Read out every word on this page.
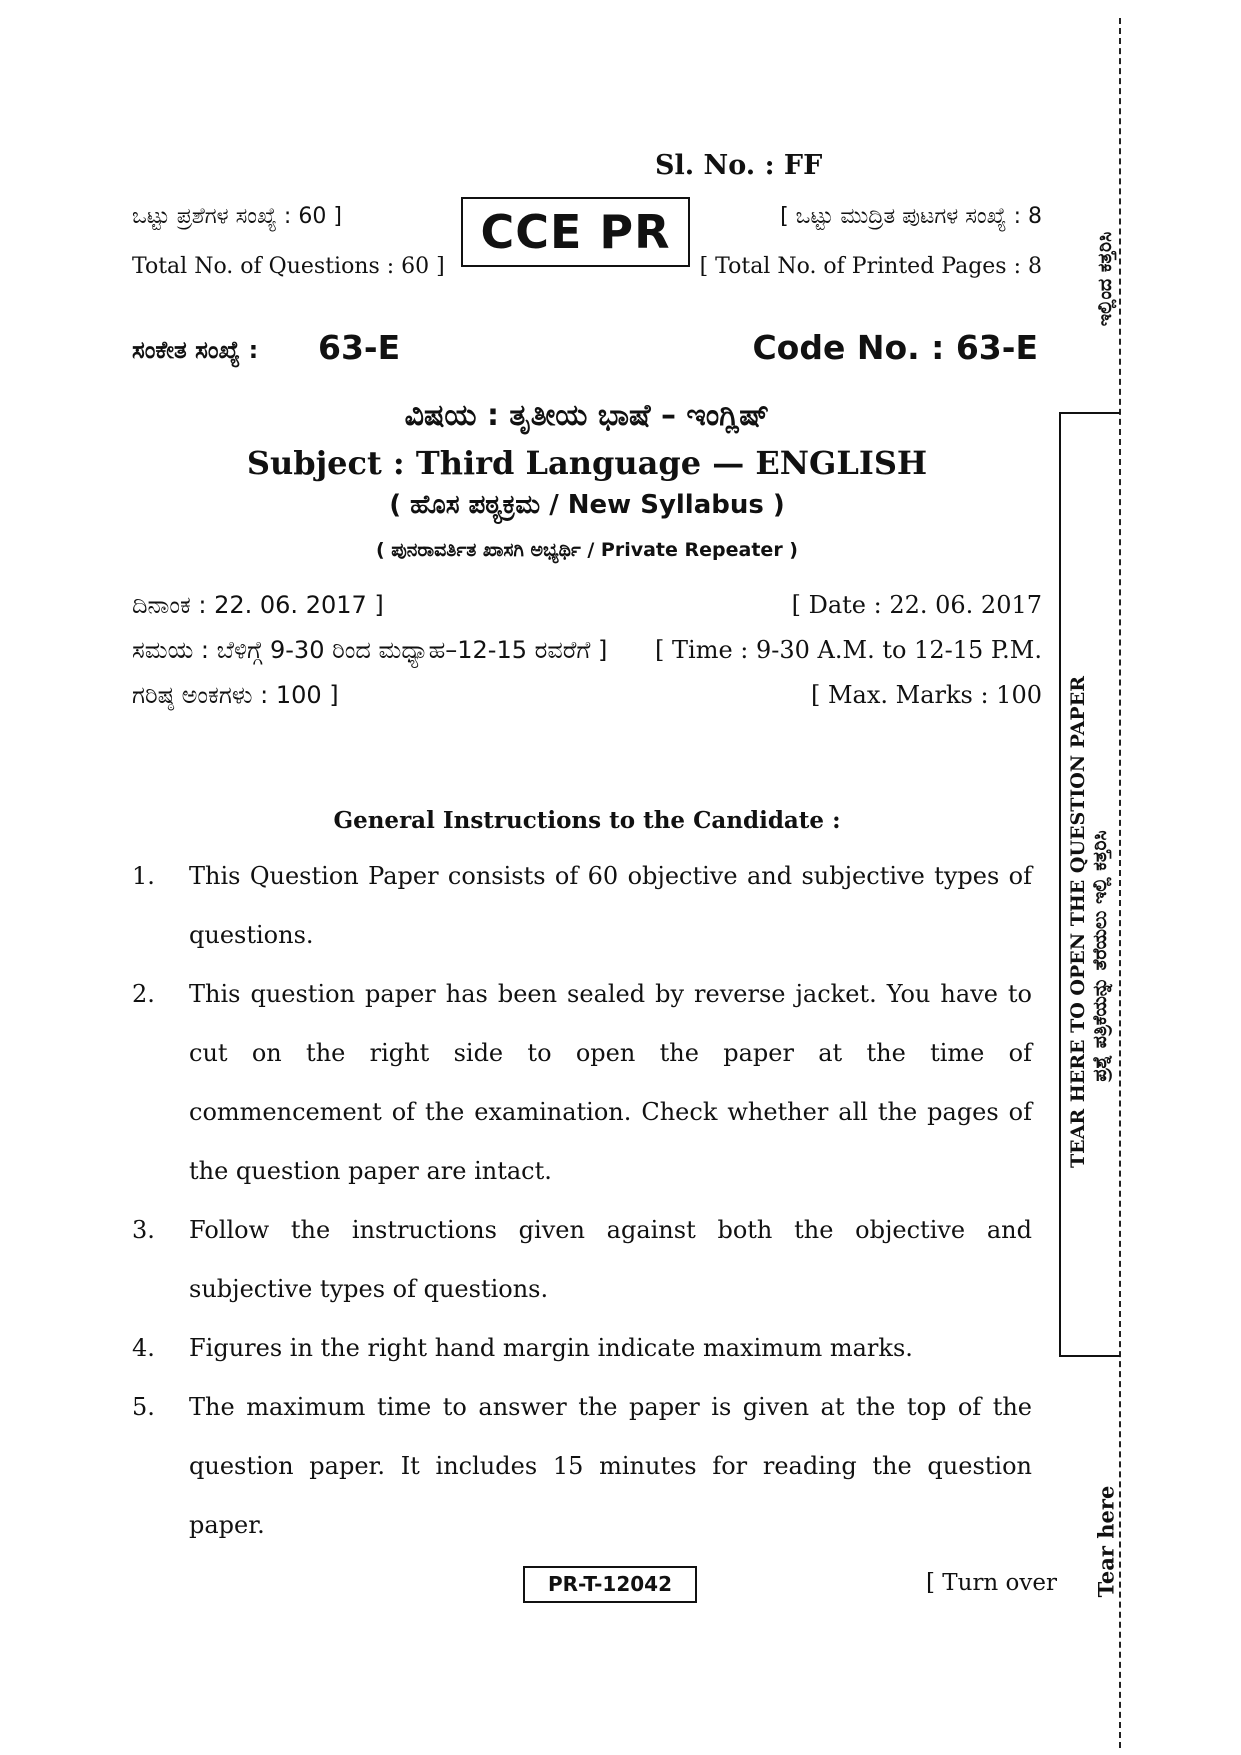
Sl. No. : FF
ಒಟ್ಟು ಪ್ರಶೆಗಳ ಸಂಖ್ಯೆ : 60 ]
Total No. of Questions : 60 ]
CCE PR	[ ಒಟ್ಟು ಮುದ್ರಿತ ಪುಟಗಳ ಸಂಖ್ಯೆ : 8
[ Total No. of Printed Pages : 8
ಸಂಕೇತ ಸಂಖ್ಯೆ : 63-E	Code No. : 63-E
ವಿಷಯ : ತೃತೀಯ ಭಾಷೆ – ಇಂಗ್ಲಿಷ್
Subject : Third Language — ENGLISH
( ಹೊಸ ಪಠ್ಯಕ್ರಮ / New Syllabus )
( ಪುನರಾವರ್ತಿತ ಖಾಸಗಿ ಅಭ್ಯರ್ಥಿ / Private Repeater )
ದಿನಾಂಕ : 22. 06. 2017 ]	[ Date : 22. 06. 2017
ಸಮಯ : ಬೆಳಿಗ್ಗೆ 9-30 ರಿಂದ ಮಧ್ಯಾಹ–12-15 ರವರೆಗೆ ] [ Time : 9-30 A.M. to 12-15 P.M.
ಗರಿಷ್ಠ ಅಂಕಗಳು : 100 ]	[ Max. Marks : 100
General Instructions to the Candidate :
1. This Question Paper consists of 60 objective and subjective types of questions.
2. This question paper has been sealed by reverse jacket. You have to cut on the right side to open the paper at the time of commencement of the examination. Check whether all the pages of the question paper are intact.
3. Follow the instructions given against both the objective and subjective types of questions.
4. Figures in the right hand margin indicate maximum marks.
5. The maximum time to answer the paper is given at the top of the question paper. It includes 15 minutes for reading the question paper.
PR-T-12042	[ Turn over
ಇಲ್ಲಿಂದ ಕತ್ತರಿಸಿ
TEAR HERE TO OPEN THE QUESTION PAPER ಪ್ರಶ್ನೆ ಪತ್ರಿಕೆಯನ್ನು ತೆರೆಯಲು ಇಲ್ಲಿ ಕತ್ತರಿಸಿ
Tear here
